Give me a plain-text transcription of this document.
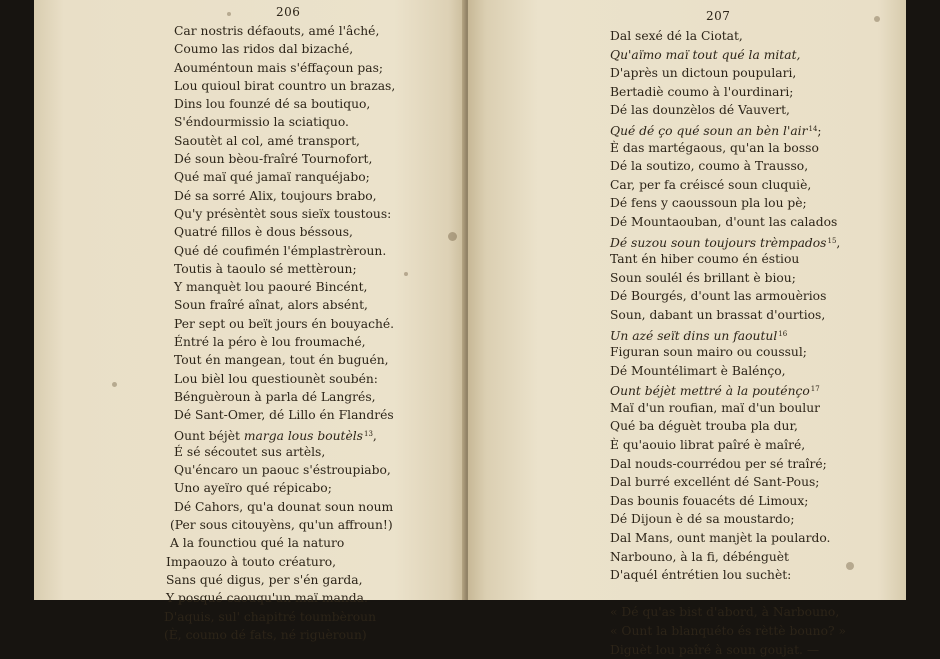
206
Car nostris défaouts, amé l'âché,
Coumo las ridos dal bizaché,
Aouméntoun mais s'éffaçoun pas;
Lou quioul birat countro un brazas,
Dins lou founzé dé sa boutiquo,
S'éndourmissio la sciatiquo.
Saoutèt al col, amé transport,
Dé soun bèou-fraîré Tournofort,
Qué maï qué jamaï ranquéjabo;
Dé sa sorré Alix, toujours brabo,
Qu'y présèntèt sous sieïx toustous:
Quatré fillos è dous béssous,
Qué dé coufimén l'émplastrèroun.
Toutis à taoulo sé mettèroun;
Y manquèt lou paouré Bincént,
Soun fraîré aînat, alors absént,
Per sept ou beït jours én bouyaché.
Éntré la péro è lou froumaché,
Tout én mangean, tout én buguén,
Lou bièl lou questiounèt soubén:
Bénguèroun à parla dé Langrés,
Dé Sant-Omer, dé Lillo én Flandrés
Ount béjèt marga lous boutèls$^{13}$,
É sé sécoutet sus artèls,
Qu'éncaro un paouc s'éstroupiabo,
Uno ayeïro qué répicabo;
Dé Cahors, qu'a dounat soun noum
(Per sous citouyèns, qu'un affroun!)
A la founctiou qué la naturo
Impaouzo à touto créaturo,
Sans qué digus, per s'én garda,
Y posqué caouqu'un maï manda.
D'aquis, sul' chapitré toumbèroun
(È, coumo dé fats, né riguèroun)
207
Dal sexé dé la Ciotat,
Qu'aïmo maï tout qué la mitat,
D'après un dictoun poupulari,
Bertadiè coumo à l'ourdinari;
Dé las dounzèlos dé Vauvert,
Qué dé ço qué soun an bèn l'air$^{14}$;
È das martégaous, qu'an la bosso
Dé la soutizo, coumo à Trausso,
Car, per fa créiscé soun cluquiè,
Dé fens y caoussoun pla lou pè;
Dé Mountaouban, d'ount las calados
Dé suzou soun toujours trèmpados$^{15}$,
Tant én hiber coumo én éstiou
Soun soulél és brillant è biou;
Dé Bourgés, d'ount las armouèrios
Soun, dabant un brassat d'ourtios,
Un azé seït dins un faoutul$^{16}$
Figuran soun mairo ou coussul;
Dé Mountélimart è Balénço,
Ount béjèt mettré à la pouténço$^{17}$
Maï d'un roufian, maï d'un boulur
Qué ba déguèt trouba pla dur,
È qu'aouio librat paîré è maîré,
Dal nouds-courrédou per sé traîré;
Dal burré excellént dé Sant-Pous;
Das bounis fouacéts dé Limoux;
Dé Dijoun è dé sa moustardo;
Dal Mans, ount manjèt la poulardo.
Narbouno, à la fi, débénguèt
D'aquél éntrétien lou suchèt:
« Dé qu'as bist d'abord, à Narbouno,
« Ount la blanquéto és rèttè bouno? »
Diguèt lou paîré à soun goujat. —
